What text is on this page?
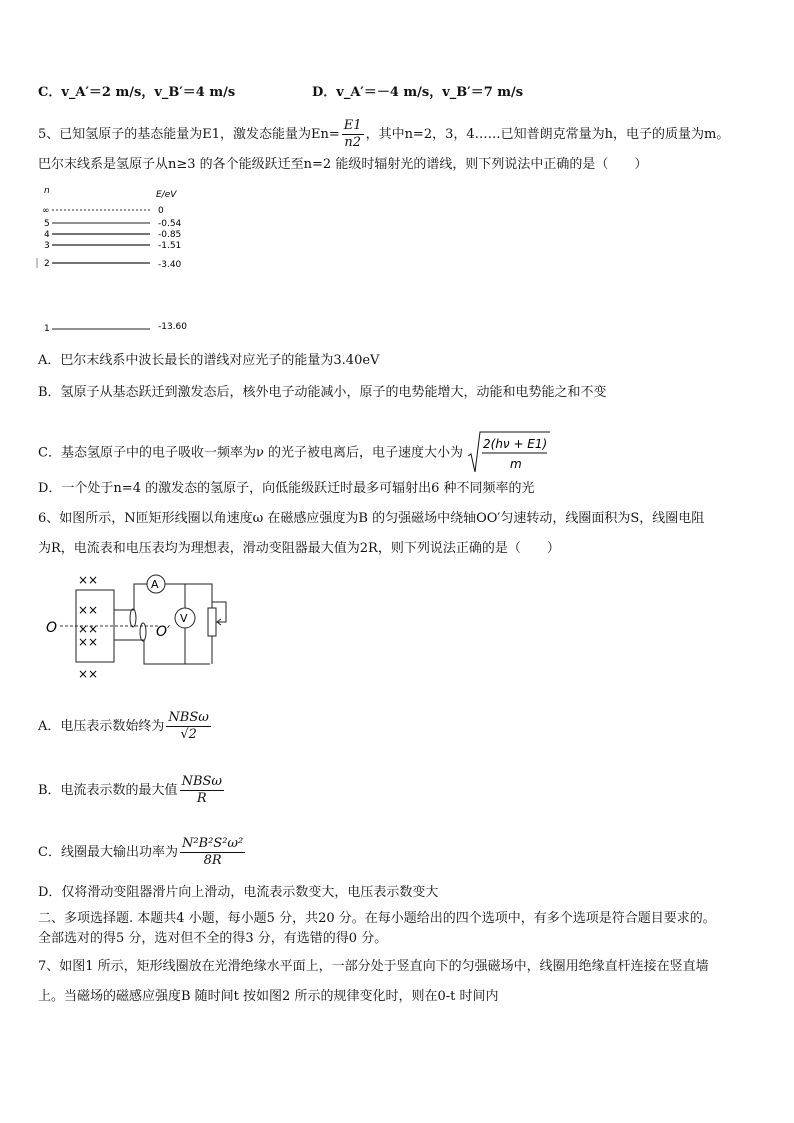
C．v_A′＝2 m/s，v_B′＝4 m/s	D．v_A′＝－4 m/s，v_B′＝7 m/s
5、已知氢原子的基态能量为E1，激发态能量为$En= \frac{E1}{n2}$ ，其中n=2，3，4……已知普朗克常量为h，电子的质量为m。
巴尔末线系是氢原子从n≥3 的各个能级跃迁至n=2 能级时辐射光的谱线，则下列说法中正确的是（　　）
n	E/eV
∞	0
5	-0.54
4	-0.85
3	-1.51
2	-3.40
1	-13.60
A．巴尔末线系中波长最长的谱线对应光子的能量为3.40eV
B．氢原子从基态跃迁到激发态后，核外电子动能减小，原子的电势能增大，动能和电势能之和不变
C．基态氢原子中的电子吸收一频率为ν 的光子被电离后，电子速度大小为
2(hν + E1)
m
D．一个处于n=4 的激发态的氢原子，向低能级跃迁时最多可辐射出6 种不同频率的光
6、如图所示，N匝矩形线圈以角速度ω 在磁感应强度为B 的匀强磁场中绕轴OO′匀速转动，线圈面积为S，线圈电阻
为R，电流表和电压表均为理想表，滑动变阻器最大值为2R，则下列说法正确的是（　　）
××
××
××
××
××
O	O′
A
V
A．电压表示数始终为 $\frac{\text{NBSω}}{√2}$
B．电流表示数的最大值 $\frac{\text{NBSω}}{R}$
C．线圈最大输出功率为 $\frac{\text{N²B²S²ω²}}{8R}$
D．仅将滑动变阻器滑片向上滑动，电流表示数变大，电压表示数变大
二、多项选择题. 本题共4 小题，每小题5 分，共20 分。在每小题给出的四个选项中，有多个选项是符合题目要求的。
全部选对的得5 分，选对但不全的得3 分，有选错的得0 分。
7、如图1 所示，矩形线圈放在光滑绝缘水平面上，一部分处于竖直向下的匀强磁场中，线圈用绝缘直杆连接在竖直墙
上。当磁场的磁感应强度B 随时间t 按如图2 所示的规律变化时，则在0-t 时间内
